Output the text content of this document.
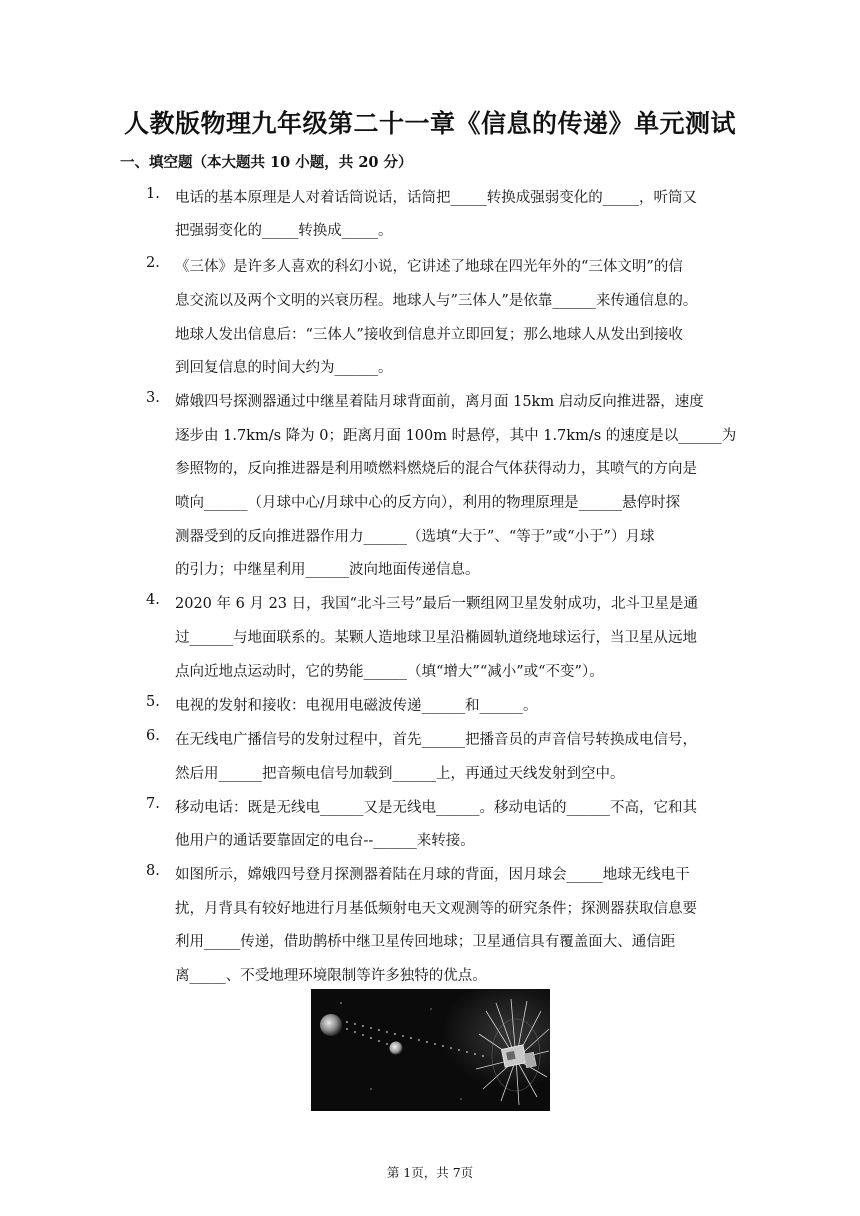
人教版物理九年级第二十一章《信息的传递》单元测试
一、填空题（本大题共 10 小题，共 20 分）
1. 电话的基本原理是人对着话筒说话，话筒把_____转换成强弱变化的_____，听筒又
把强弱变化的_____转换成_____。
2. 《三体》是许多人喜欢的科幻小说，它讲述了地球在四光年外的“三体文明”的信
息交流以及两个文明的兴衰历程。地球人与”三体人”是依靠______来传通信息的。
地球人发出信息后：“三体人”接收到信息并立即回复；那么地球人从发出到接收
到回复信息的时间大约为______。
3. 嫦娥四号探测器通过中继星着陆月球背面前，离月面 15km 启动反向推进器，速度
逐步由 1.7km/s 降为 0；距离月面 100m 时悬停，其中 1.7km/s 的速度是以______为
参照物的，反向推进器是利用喷燃料燃烧后的混合气体获得动力，其喷气的方向是
喷向______（月球中心/月球中心的反方向），利用的物理原理是______悬停时探
测器受到的反向推进器作用力______（选填“大于”、“等于”或“小于”）月球
的引力；中继星利用______波向地面传递信息。
4. 2020 年 6 月 23 日，我国“北斗三号”最后一颗组网卫星发射成功，北斗卫星是通
过______与地面联系的。某颗人造地球卫星沿椭圆轨道绕地球运行，当卫星从远地
点向近地点运动时，它的势能______（填“增大”“减小”或“不变”）。
5. 电视的发射和接收：电视用电磁波传递______和______。
6. 在无线电广播信号的发射过程中，首先______把播音员的声音信号转换成电信号，
然后用______把音频电信号加载到______上，再通过天线发射到空中。
7. 移动电话：既是无线电______又是无线电______。移动电话的______不高，它和其
他用户的通话要靠固定的电台--______来转接。
8. 如图所示，嫦娥四号登月探测器着陆在月球的背面，因月球会_____地球无线电干
扰，月背具有较好地进行月基低频射电天文观测等的研究条件；探测器获取信息要
利用_____传递，借助鹊桥中继卫星传回地球；卫星通信具有覆盖面大、通信距
离_____、不受地理环境限制等许多独特的优点。
第 1页，共 7页
